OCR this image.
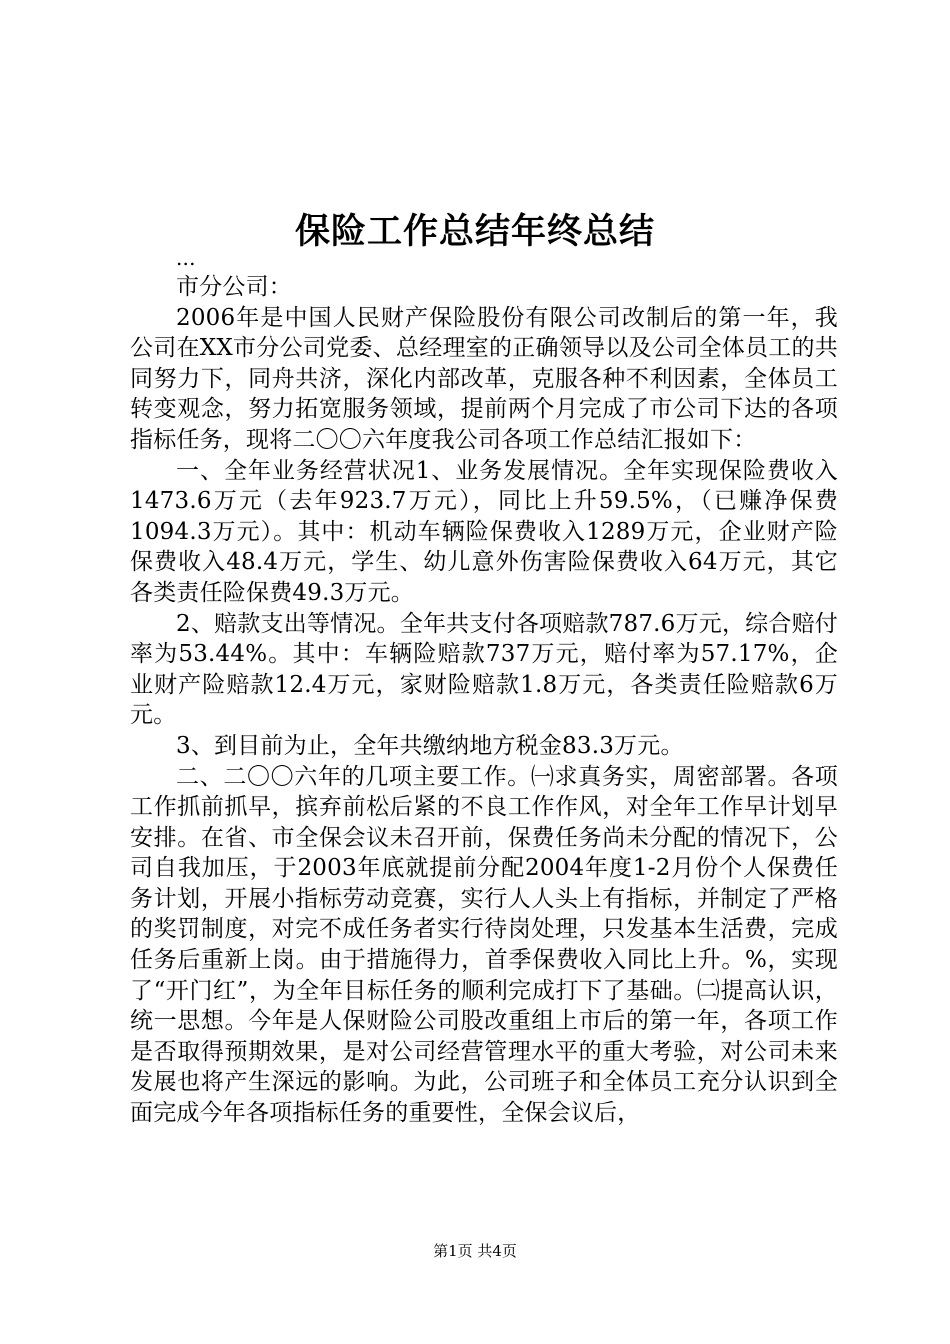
保险工作总结年终总结

...

市分公司：

2006年是中国人民财产保险股份有限公司改制后的第一年，我公司在XX市分公司党委、总经理室的正确领导以及公司全体员工的共同努力下，同舟共济，深化内部改革，克服各种不利因素，全体员工转变观念，努力拓宽服务领域，提前两个月完成了市公司下达的各项指标任务，现将二〇〇六年度我公司各项工作总结汇报如下：

一、全年业务经营状况1、业务发展情况。全年实现保险费收入1473.6万元（去年923.7万元），同比上升59.5%，（已赚净保费1094.3万元）。其中：机动车辆险保费收入1289万元，企业财产险保费收入48.4万元，学生、幼儿意外伤害险保费收入64万元，其它各类责任险保费49.3万元。

2、赔款支出等情况。全年共支付各项赔款787.6万元，综合赔付率为53.44%。其中：车辆险赔款737万元，赔付率为57.17%，企业财产险赔款12.4万元，家财险赔款1.8万元，各类责任险赔款6万元。

3、到目前为止，全年共缴纳地方税金83.3万元。

二、二〇〇六年的几项主要工作。㈠求真务实，周密部署。各项工作抓前抓早，摈弃前松后紧的不良工作作风，对全年工作早计划早安排。在省、市全保会议未召开前，保费任务尚未分配的情况下，公司自我加压，于2003年底就提前分配2004年度1-2月份个人保费任务计划，开展小指标劳动竞赛，实行人人头上有指标，并制定了严格的奖罚制度，对完不成任务者实行待岗处理，只发基本生活费，完成任务后重新上岗。由于措施得力，首季保费收入同比上升。%，实现了“开门红”，为全年目标任务的顺利完成打下了基础。㈡提高认识，统一思想。今年是人保财险公司股改重组上市后的第一年，各项工作是否取得预期效果，是对公司经营管理水平的重大考验，对公司未来发展也将产生深远的影响。为此，公司班子和全体员工充分认识到全面完成今年各项指标任务的重要性，全保会议后，

第1页 共4页
